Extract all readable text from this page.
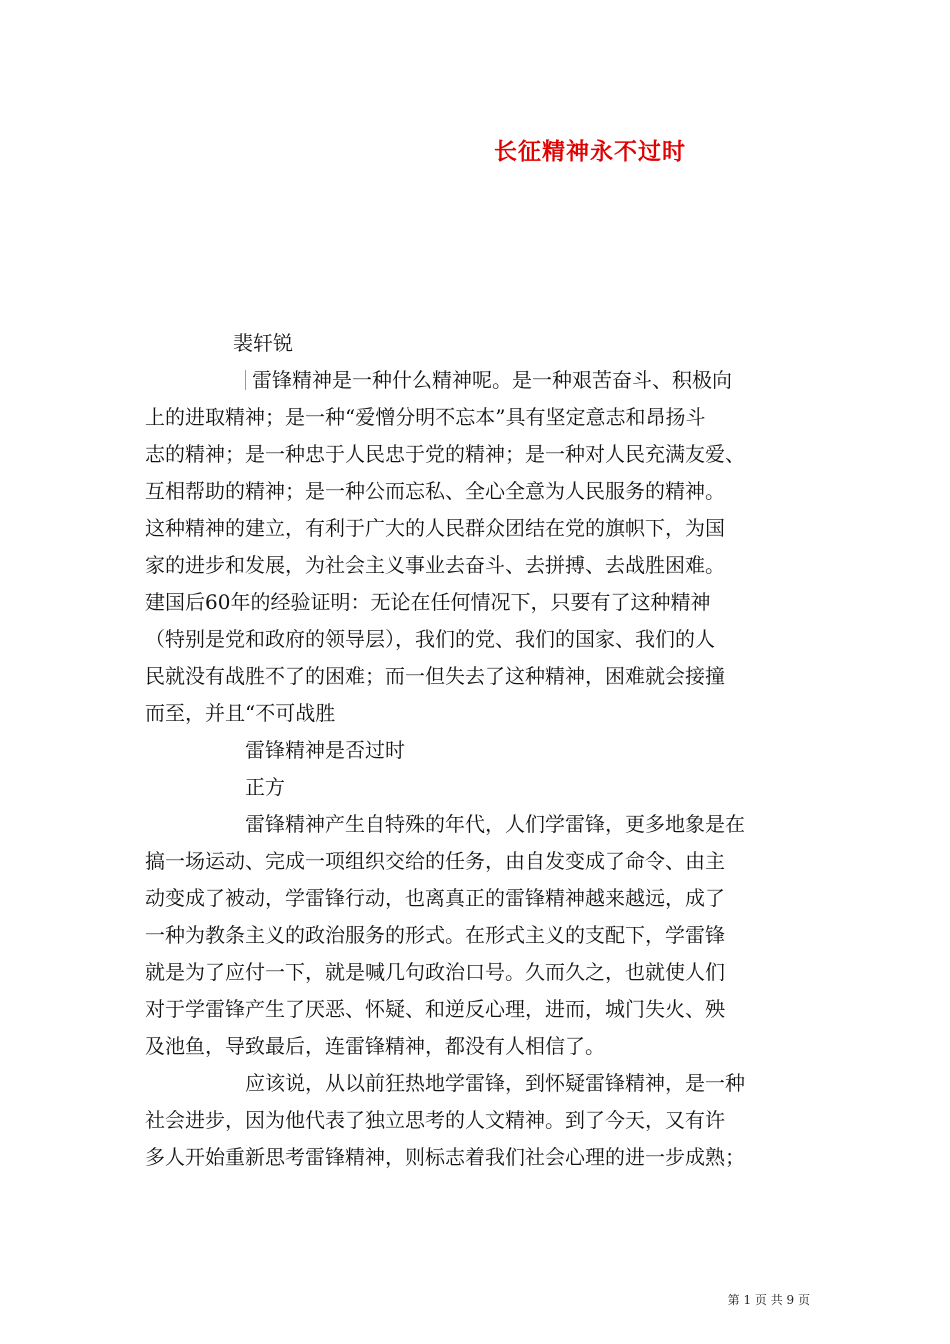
长征精神永不过时
裴轩锐
雷锋精神是一种什么精神呢。是一种艰苦奋斗、积极向
上的进取精神；是一种“爱憎分明不忘本”具有坚定意志和昂扬斗
志的精神；是一种忠于人民忠于党的精神；是一种对人民充满友爱、
互相帮助的精神；是一种公而忘私、全心全意为人民服务的精神。
这种精神的建立，有利于广大的人民群众团结在党的旗帜下，为国
家的进步和发展，为社会主义事业去奋斗、去拼搏、去战胜困难。
建国后60年的经验证明：无论在任何情况下，只要有了这种精神
（特别是党和政府的领导层），我们的党、我们的国家、我们的人
民就没有战胜不了的困难；而一但失去了这种精神，困难就会接撞
而至，并且“不可战胜
雷锋精神是否过时
正方
雷锋精神产生自特殊的年代，人们学雷锋，更多地象是在
搞一场运动、完成一项组织交给的任务，由自发变成了命令、由主
动变成了被动，学雷锋行动，也离真正的雷锋精神越来越远，成了
一种为教条主义的政治服务的形式。在形式主义的支配下，学雷锋
就是为了应付一下，就是喊几句政治口号。久而久之，也就使人们
对于学雷锋产生了厌恶、怀疑、和逆反心理，进而，城门失火、殃
及池鱼，导致最后，连雷锋精神，都没有人相信了。
应该说，从以前狂热地学雷锋，到怀疑雷锋精神，是一种
社会进步，因为他代表了独立思考的人文精神。到了今天，又有许
多人开始重新思考雷锋精神，则标志着我们社会心理的进一步成熟；
第 1 页 共 9 页
